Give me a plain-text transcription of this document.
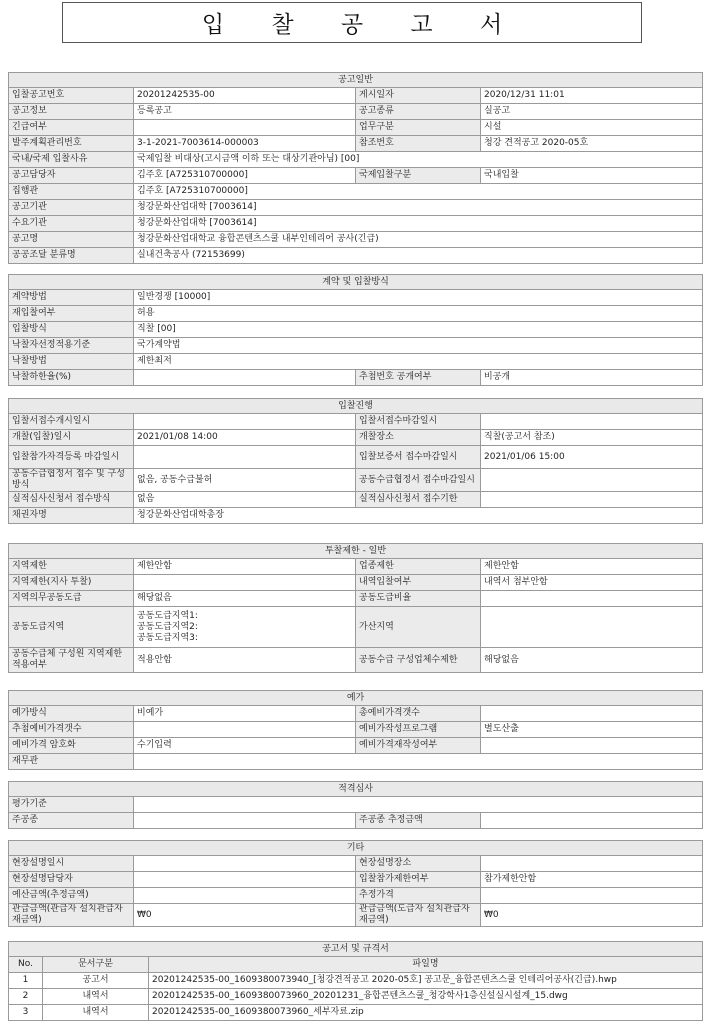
입 찰 공 고 서
공고일반			
입찰공고번호	20201242535-00	게시일자	2020/12/31 11:01
공고정보	등록공고	공고종류	실공고
긴급여부		업무구분	시설
발주계획관리번호	3-1-2021-7003614-000003	참조번호	청강 견적공고 2020-05호
국내/국제 입찰사유	국제입찰 비대상(고시금액 이하 또는 대상기관아님) [00]		
공고담당자	김주호 [A725310700000]	국제입찰구분	국내입찰
집행관	김주호 [A725310700000]		
공고기관	청강문화산업대학 [7003614]		
수요기관	청강문화산업대학 [7003614]		
공고명	청강문화산업대학교 융합콘텐츠스쿨 내부인테리어 공사(긴급)		
공공조달 분류명	실내건축공사 (72153699)		
계약 및 입찰방식			
계약방법	일반경쟁 [10000]		
재입찰여부	허용		
입찰방식	직찰 [00]		
낙찰자선정적용기준	국가계약법		
낙찰방법	제한최저		
낙찰하한율(%)		추첨번호 공개여부	비공개
입찰진행			
입찰서접수개시일시		입찰서접수마감일시	
개찰(입찰)일시	2021/01/08 14:00	개찰장소	직찰(공고서 참조)
입찰참가자격등록 마감일시		입찰보증서 접수마감일시	2021/01/06 15:00
공동수급협정서 접수 및 구성방식	없음, 공동수급불허	공동수급협정서 접수마감일시	
실적심사신청서 접수방식	없음	실적심사신청서 접수기한	
채권자명	청강문화산업대학총장		
투찰제한 - 일반			
지역제한	제한안함	업종제한	제한안함
지역제한(지사 투찰)		내역입찰여부	내역서 첨부안함
지역의무공동도급	해당없음	공동도급비율	
공동도급지역	공동도급지역1:
공동도급지역2:
공동도급지역3:	가산지역	
공동수급체 구성원 지역제한적용여부	적용안함	공동수급 구성업체수제한	해당없음
예가			
예가방식	비예가	총예비가격갯수	
추첨예비가격갯수		예비가작성프로그램	별도산출
예비가격 암호화	수기입력	예비가격재작성여부	
재무관			
적격심사			
평가기준			
주공종		주공종 추정금액	
기타			
현장설명일시		현장설명장소	
현장설명담당자		입찰참가제한여부	참가제한안함
예산금액(추정금액)		추정가격	
관급금액(관급자 설치관급자재금액)	₩0	관급금액(도급자 설치관급자재금액)	₩0
공고서 및 규격서		
No.	문서구분	파일명
1	공고서	20201242535-00_1609380073940_[청강견적공고 2020-05호] 공고문_융합콘텐츠스쿨 인테리어공사(긴급).hwp
2	내역서	20201242535-00_1609380073960_20201231_융합콘텐츠스쿨_청강학사1층신설실시설계_15.dwg
3	내역서	20201242535-00_1609380073960_세부자료.zip
